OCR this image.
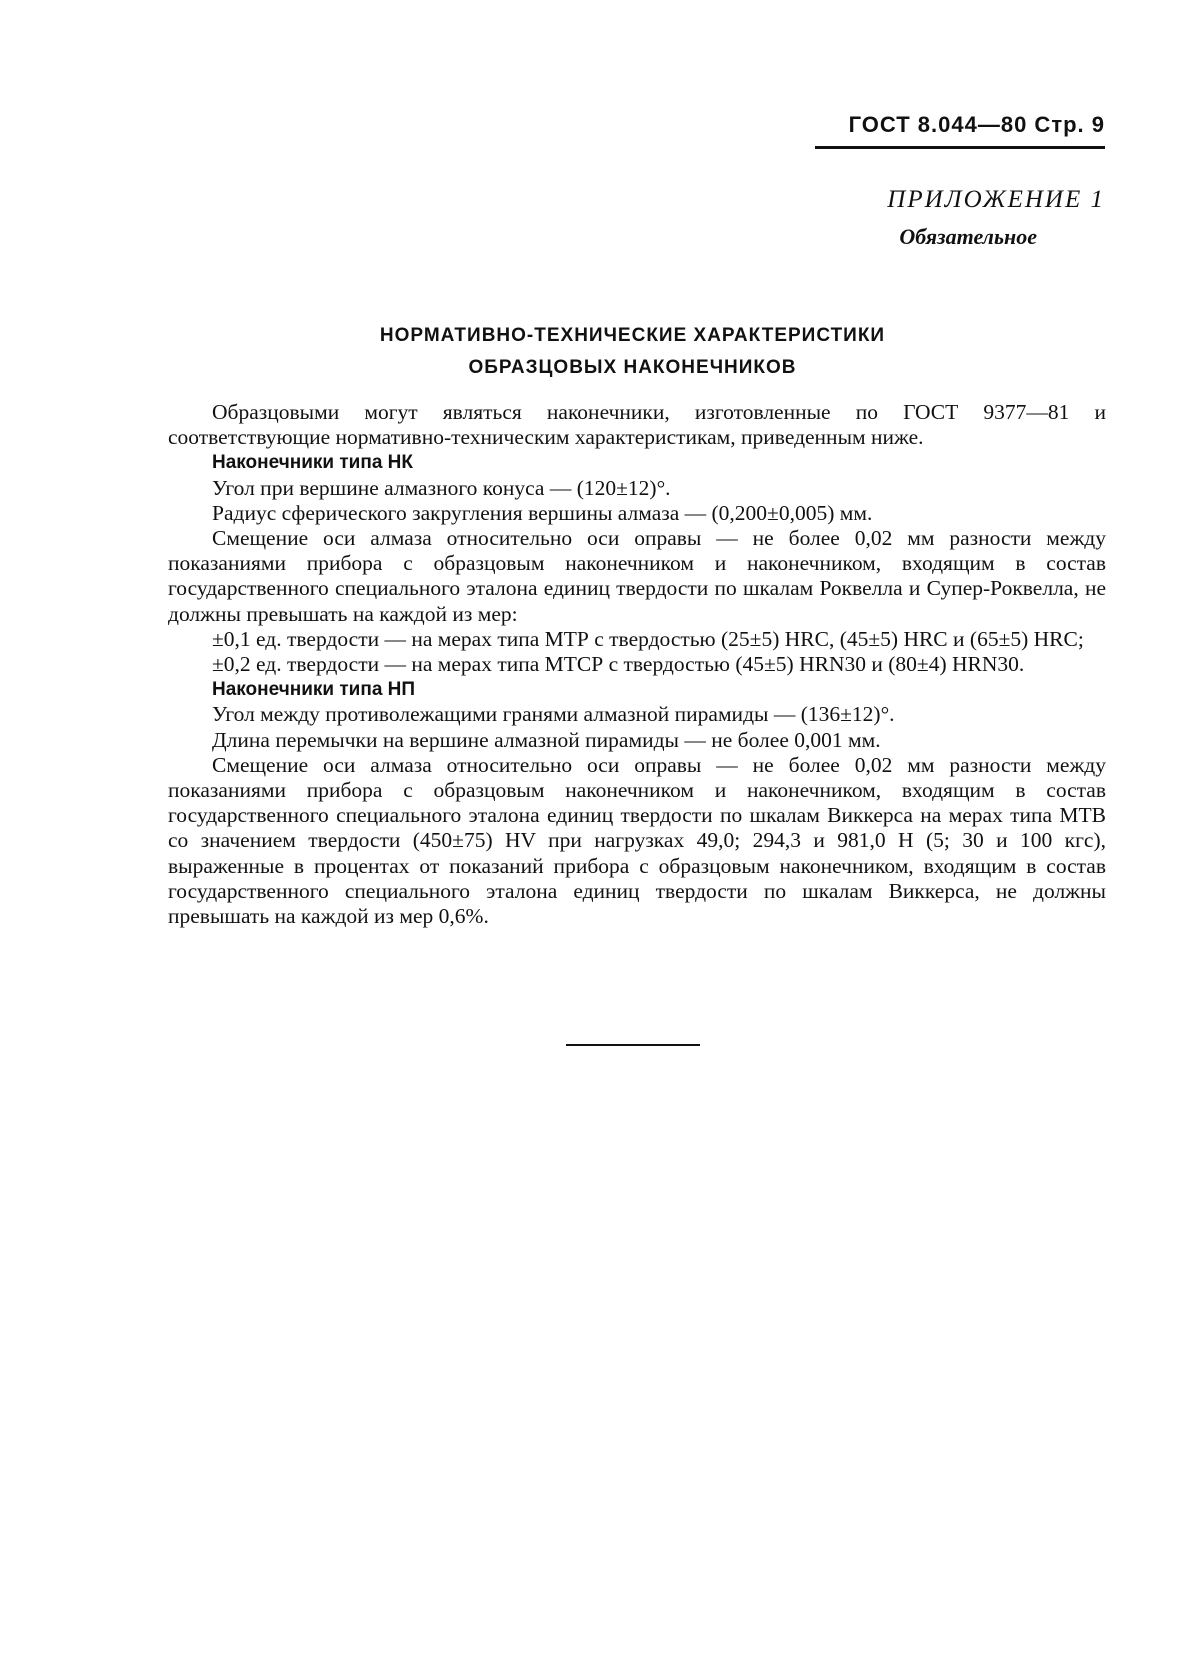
ГОСТ 8.044—80 Стр. 9
ПРИЛОЖЕНИЕ 1
Обязательное
НОРМАТИВНО-ТЕХНИЧЕСКИЕ ХАРАКТЕРИСТИКИ
ОБРАЗЦОВЫХ НАКОНЕЧНИКОВ

Образцовыми могут являться наконечники, изготовленные по ГОСТ 9377—81 и соответствующие нормативно-техническим характеристикам, приведенным ниже.

Наконечники типа НК

Угол при вершине алмазного конуса — (120±12)°.

Радиус сферического закругления вершины алмаза — (0,200±0,005) мм.

Смещение оси алмаза относительно оси оправы — не более 0,02 мм разности между показаниями прибора с образцовым наконечником и наконечником, входящим в состав государственного специального эталона единиц твердости по шкалам Роквелла и Супер-Роквелла, не должны превышать на каждой из мер:

±0,1 ед. твердости — на мерах типа МТР с твердостью (25±5) HRC, (45±5) HRC и (65±5) HRC;

±0,2 ед. твердости — на мерах типа МТСР с твердостью (45±5) HRN30 и (80±4) HRN30.

Наконечники типа НП

Угол между противолежащими гранями алмазной пирамиды — (136±12)°.

Длина перемычки на вершине алмазной пирамиды — не более 0,001 мм.

Смещение оси алмаза относительно оси оправы — не более 0,02 мм разности между показаниями прибора с образцовым наконечником и наконечником, входящим в состав государственного специального эталона единиц твердости по шкалам Виккерса на мерах типа МТВ со значением твердости (450±75) HV при нагрузках 49,0; 294,3 и 981,0 Н (5; 30 и 100 кгс), выраженные в процентах от показаний прибора с образцовым наконечником, входящим в состав государственного специального эталона единиц твердости по шкалам Виккерса, не должны превышать на каждой из мер 0,6%.
